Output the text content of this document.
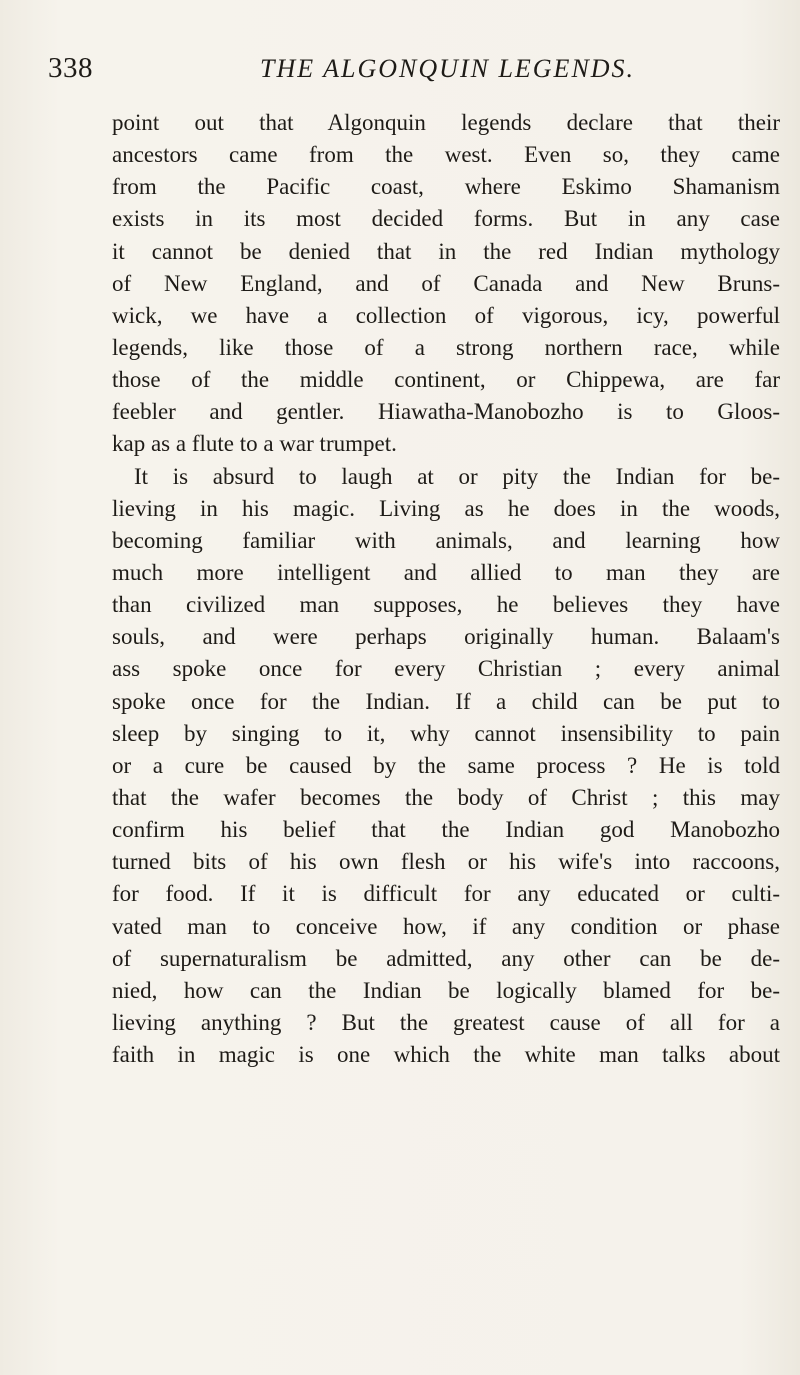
338	THE ALGONQUIN LEGENDS.
point out that Algonquin legends declare that their
ancestors came from the west. Even so, they came
from the Pacific coast, where Eskimo Shamanism
exists in its most decided forms. But in any case
it cannot be denied that in the red Indian mythology
of New England, and of Canada and New Bruns-
wick, we have a collection of vigorous, icy, powerful
legends, like those of a strong northern race, while
those of the middle continent, or Chippewa, are far
feebler and gentler. Hiawatha-Manobozho is to Gloos-
kap as a flute to a war trumpet.
It is absurd to laugh at or pity the Indian for be-
lieving in his magic. Living as he does in the woods,
becoming familiar with animals, and learning how
much more intelligent and allied to man they are
than civilized man supposes, he believes they have
souls, and were perhaps originally human. Balaam's
ass spoke once for every Christian ; every animal
spoke once for the Indian. If a child can be put to
sleep by singing to it, why cannot insensibility to pain
or a cure be caused by the same process ? He is told
that the wafer becomes the body of Christ ; this may
confirm his belief that the Indian god Manobozho
turned bits of his own flesh or his wife's into raccoons,
for food. If it is difficult for any educated or culti-
vated man to conceive how, if any condition or phase
of supernaturalism be admitted, any other can be de-
nied, how can the Indian be logically blamed for be-
lieving anything ? But the greatest cause of all for a
faith in magic is one which the white man talks about
